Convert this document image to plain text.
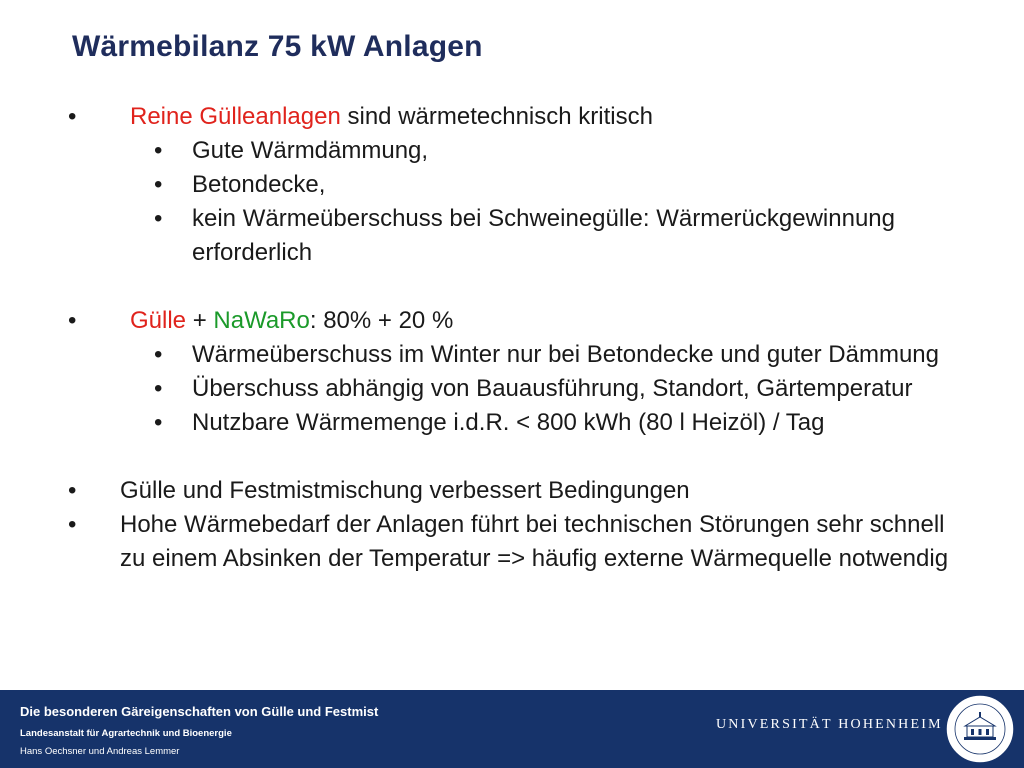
Wärmebilanz 75 kW Anlagen
• Reine Gülleanlagen sind wärmetechnisch kritisch
• Gute Wärmdämmung,
• Betondecke,
• kein Wärmeüberschuss bei Schweinegülle: Wärmerückgewinnung erforderlich
• Gülle + NaWaRo: 80% + 20 %
• Wärmeüberschuss im Winter nur bei Betondecke und guter Dämmung
• Überschuss abhängig von Bauausführung, Standort, Gärtemperatur
• Nutzbare Wärmemenge i.d.R. < 800 kWh (80 l Heizöl) / Tag
• Gülle und Festmistmischung verbessert Bedingungen
• Hohe Wärmebedarf der Anlagen führt bei technischen Störungen sehr schnell zu einem Absinken der Temperatur => häufig externe Wärmequelle notwendig
Die besonderen Gäreigenschaften von Gülle und Festmist
Landesanstalt für Agrartechnik und Bioenergie
Hans Oechsner und Andreas Lemmer
UNIVERSITÄT HOHENHEIM
